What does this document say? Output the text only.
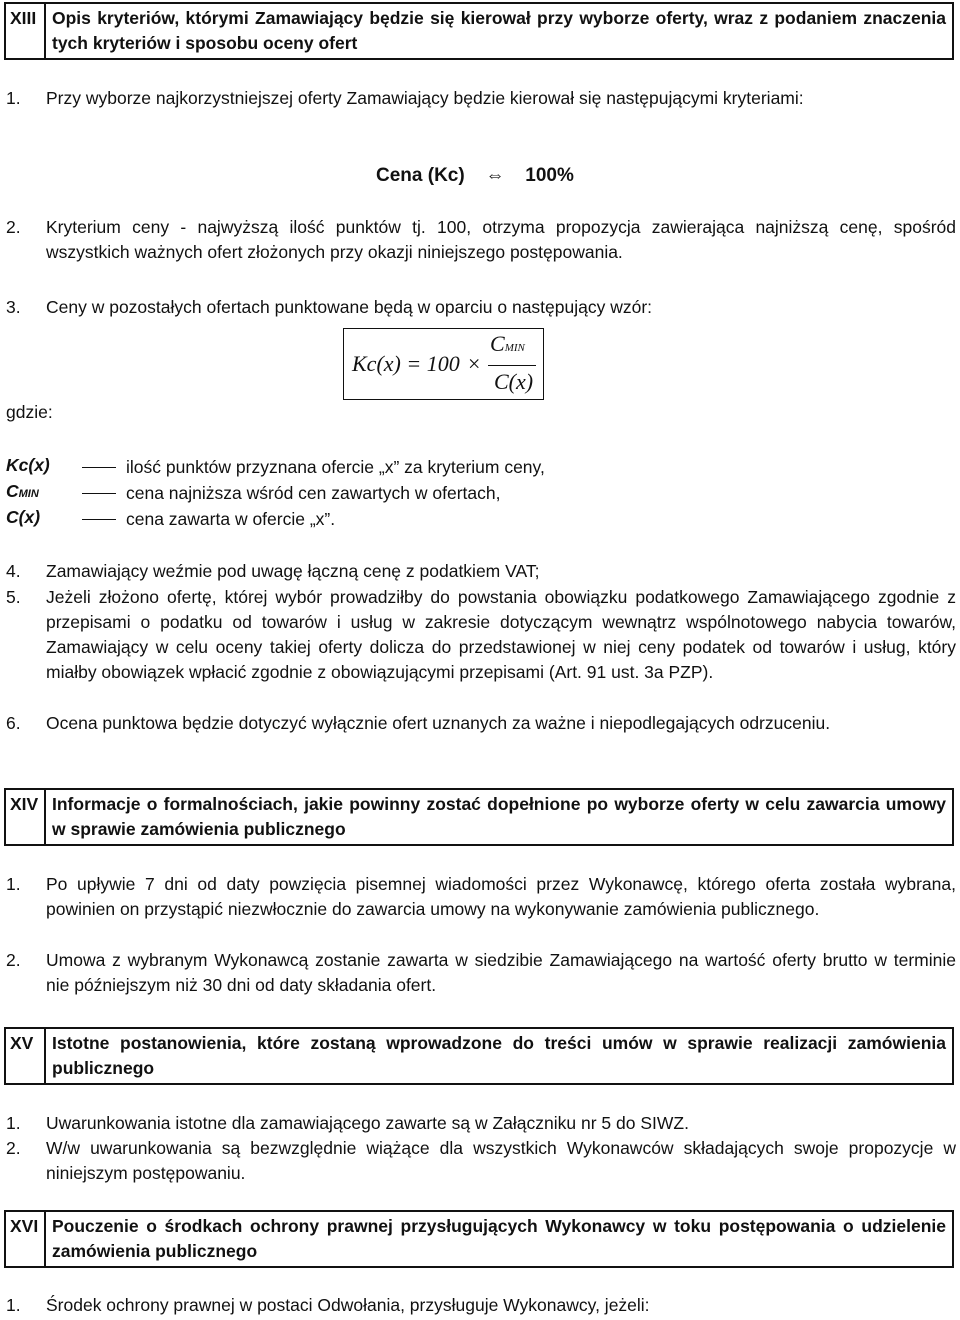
XIII Opis kryteriów, którymi Zamawiający będzie się kierował przy wyborze oferty, wraz z podaniem znaczenia tych kryteriów i sposobu oceny ofert
1.	Przy wyborze najkorzystniejszej oferty Zamawiający będzie kierował się następującymi kryteriami:
Cena (Kc) ⇔ 100%
2.	Kryterium ceny - najwyższą ilość punktów tj. 100, otrzyma propozycja zawierająca najniższą cenę, spośród wszystkich ważnych ofert złożonych przy okazji niniejszego postępowania.
3.	Ceny w pozostałych ofertach punktowane będą w oparciu o następujący wzór:
Kc(x) = 100 ×
CMIN
C(x)
gdzie:
Kc(x)	ilość punktów przyznana ofercie „x” za kryterium ceny,
CMIN	cena najniższa wśród cen zawartych w ofertach,
C(x)	cena zawarta w ofercie „x”.
4.	Zamawiający weźmie pod uwagę łączną cenę z podatkiem VAT;
5.	Jeżeli złożono ofertę, której wybór prowadziłby do powstania obowiązku podatkowego Zamawiającego zgodnie z przepisami o podatku od towarów i usług w zakresie dotyczącym wewnątrz wspólnotowego nabycia towarów, Zamawiający w celu oceny takiej oferty dolicza do przedstawionej w niej ceny podatek od towarów i usług, który miałby obowiązek wpłacić zgodnie z obowiązującymi przepisami (Art. 91 ust. 3a PZP).
6.	Ocena punktowa będzie dotyczyć wyłącznie ofert uznanych za ważne i niepodlegających odrzuceniu.
XIV Informacje o formalnościach, jakie powinny zostać dopełnione po wyborze oferty w celu zawarcia umowy w sprawie zamówienia publicznego
1.	Po upływie 7 dni od daty powzięcia pisemnej wiadomości przez Wykonawcę, którego oferta została wybrana, powinien on przystąpić niezwłocznie do zawarcia umowy na wykonywanie zamówienia publicznego.
2.	Umowa z wybranym Wykonawcą zostanie zawarta w siedzibie Zamawiającego na wartość oferty brutto w terminie nie późniejszym niż 30 dni od daty składania ofert.
XV	Istotne postanowienia, które zostaną wprowadzone do treści umów w sprawie realizacji zamówienia publicznego
1.	Uwarunkowania istotne dla zamawiającego zawarte są w Załączniku nr 5 do SIWZ.
2.	W/w uwarunkowania są bezwzględnie wiążące dla wszystkich Wykonawców składających swoje propozycje w niniejszym postępowaniu.
XVI Pouczenie o środkach ochrony prawnej przysługujących Wykonawcy w toku postępowania o udzielenie zamówienia publicznego
1.	Środek ochrony prawnej w postaci Odwołania, przysługuje Wykonawcy, jeżeli:
